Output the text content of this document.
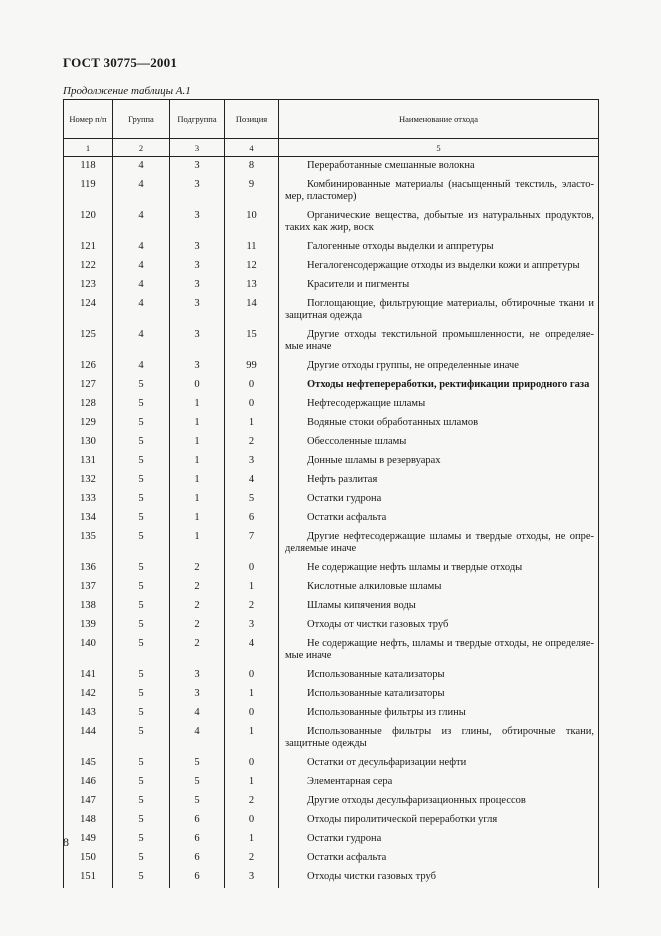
ГОСТ 30775—2001
Продолжение таблицы А.1
Номер п/п	Группа	Подгруппа	Позиция	Наименование отхода
1	2	3	4	5
118	4	3	8	Переработанные смешанные волокна

119	4	3	9	Комбинированные материалы (насыщенный текстиль, эласто-мер, пластомер)

120	4	3	10	Органические вещества, добытые из натуральных продуктов, таких как жир, воск

121	4	3	11	Галогенные отходы выделки и аппретуры

122	4	3	12	Негалогенсодержащие отходы из выделки кожи и аппретуры

123	4	3	13	Красители и пигменты

124	4	3	14	Поглощающие, фильтрующие материалы, обтирочные ткани и защитная одежда

125	4	3	15	Другие отходы текстильной промышленности, не определяе-мые иначе

126	4	3	99	Другие отходы группы, не определенные иначе

127	5	0	0	Отходы нефтепереработки, ректификации природного газа

128	5	1	0	Нефтесодержащие шламы

129	5	1	1	Водяные стоки обработанных шламов

130	5	1	2	Обессоленные шламы

131	5	1	3	Донные шламы в резервуарах

132	5	1	4	Нефть разлитая

133	5	1	5	Остатки гудрона

134	5	1	6	Остатки асфальта

135	5	1	7	Другие нефтесодержащие шламы и твердые отходы, не опре-деляемые иначе

136	5	2	0	Не содержащие нефть шламы и твердые отходы

137	5	2	1	Кислотные алкиловые шламы

138	5	2	2	Шламы кипячения воды

139	5	2	3	Отходы от чистки газовых труб

140	5	2	4	Не содержащие нефть, шламы и твердые отходы, не определяе-мые иначе

141	5	3	0	Использованные катализаторы

142	5	3	1	Использованные катализаторы

143	5	4	0	Использованные фильтры из глины

144	5	4	1	Использованные фильтры из глины, обтирочные ткани, защитные одежды

145	5	5	0	Остатки от десульфаризации нефти

146	5	5	1	Элементарная сера

147	5	5	2	Другие отходы десульфаризационных процессов

148	5	6	0	Отходы пиролитической переработки угля

149	5	6	1	Остатки гудрона

150	5	6	2	Остатки асфальта

151	5	6	3	Отходы чистки газовых труб
8
